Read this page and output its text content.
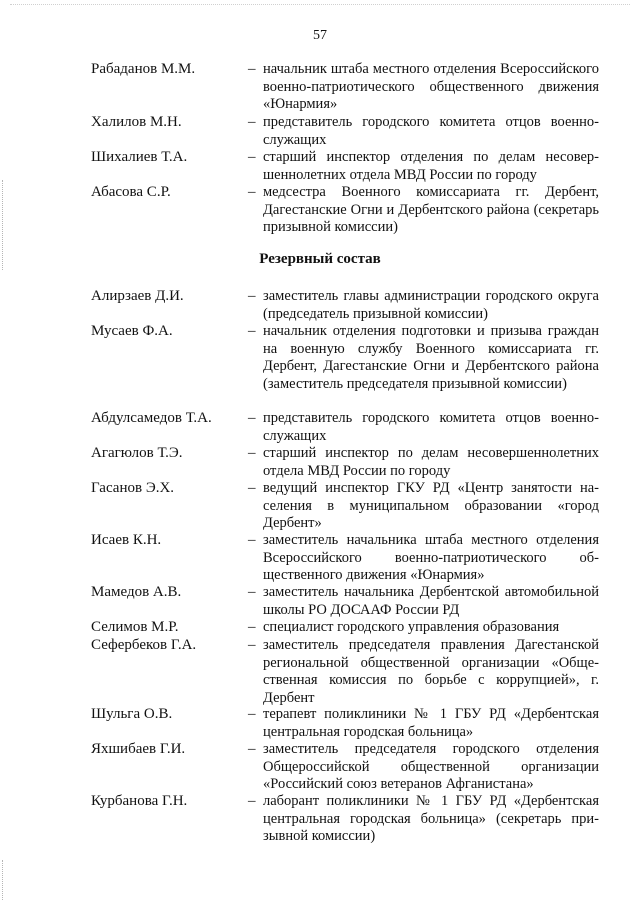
57
Рабаданов М.М.	– начальник штаба местного отделения Всероссийского военно-патриотического общественного движения «Юнармия»
Халилов М.Н.	– представитель городского комитета отцов военнослужащих
Шихалиев Т.А.	– старший инспектор отделения по делам несовершеннолетних отдела МВД России по городу
Абасова С.Р.	– медсестра Военного комиссариата гг. Дербент, Дагестанские Огни и Дербентского района (секретарь призывной комиссии)
Резервный состав
Алирзаев Д.И.	– заместитель главы администрации городского округа (председатель призывной комиссии)
Мусаев Ф.А.	– начальник отделения подготовки и призыва граждан на военную службу Военного комиссариата гг. Дербент, Дагестанские Огни и Дербентского района (заместитель председателя призывной комиссии)
Абдулсамедов Т.А. – представитель городского комитета отцов военнослужащих
Агагюлов Т.Э.	– старший инспектор по делам несовершеннолетних отдела МВД России по городу
Гасанов Э.Х.	– ведущий инспектор ГКУ РД «Центр занятости населения в муниципальном образовании «город Дербент»
Исаев К.Н.	– заместитель начальника штаба местного отделения Всероссийского военно-патриотического общественного движения «Юнармия»
Мамедов А.В.	– заместитель начальника Дербентской автомобильной школы РО ДОСААФ России РД
Селимов М.Р.	– специалист городского управления образования
Сефербеков Г.А.	– заместитель председателя правления Дагестанской региональной общественной организации «Общественная комиссия по борьбе с коррупцией», г. Дербент
Шульга О.В.	– терапевт поликлиники № 1 ГБУ РД «Дербентская центральная городская больница»
Яхшибаев Г.И.	– заместитель председателя городского отделения Общероссийской общественной организации «Российский союз ветеранов Афганистана»
Курбанова Г.Н.	– лаборант поликлиники № 1 ГБУ РД «Дербентская центральная городская больница» (секретарь призывной комиссии)
